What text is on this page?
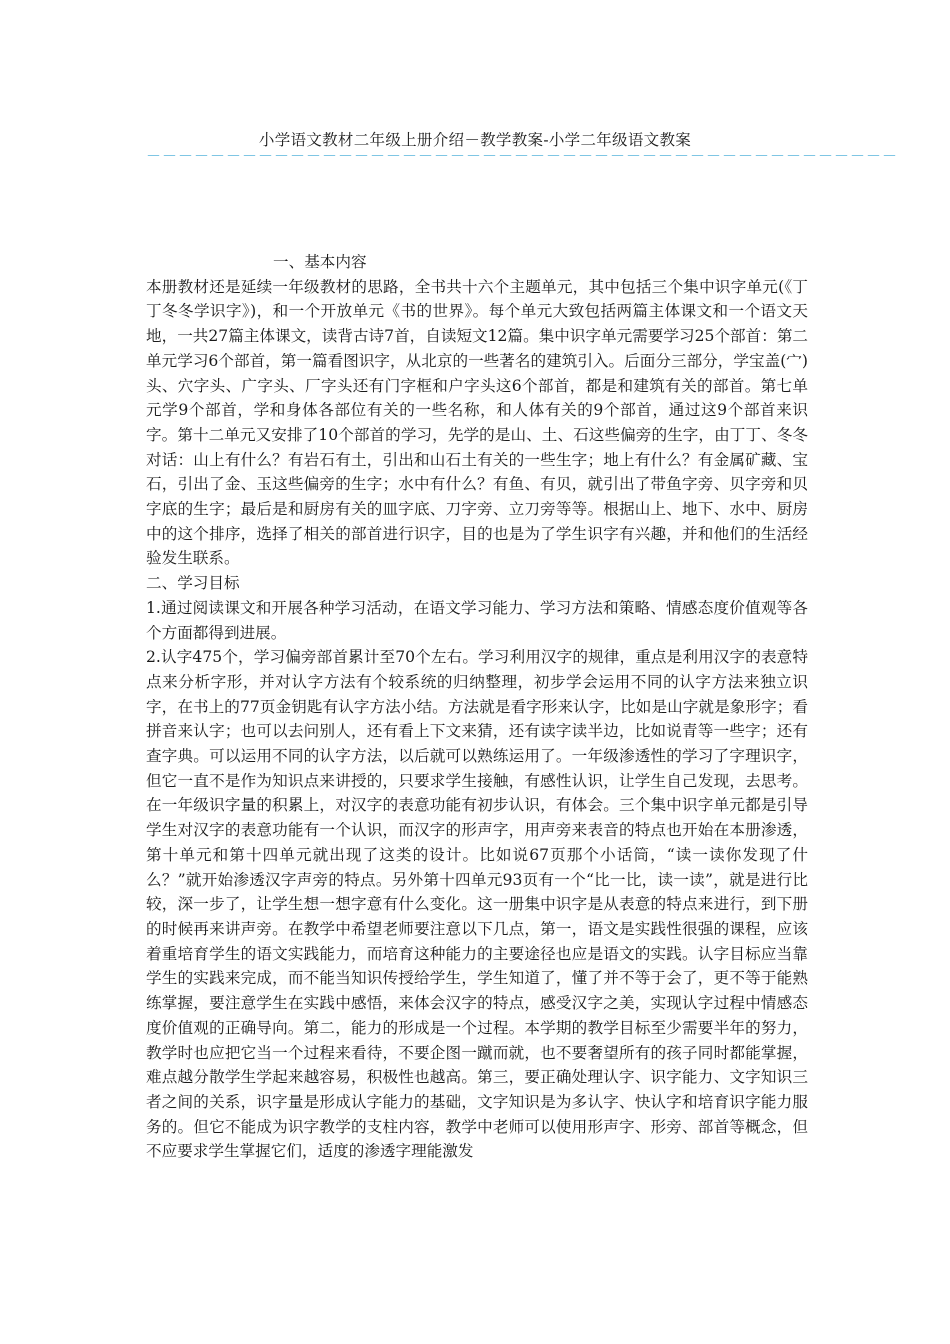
小学语文教材二年级上册介绍－教学教案-小学二年级语文教案
－－－－－－－－－－－－－－－－－－－－－－－－－－－－－－－－－－－－－－－－－－－－－－－

一、基本内容

本册教材还是延续一年级教材的思路，全书共十六个主题单元，其中包括三个集中识字单元(《丁丁冬冬学识字》)，和一个开放单元《书的世界》。每个单元大致包括两篇主体课文和一个语文天地，一共27篇主体课文，读背古诗7首，自读短文12篇。集中识字单元需要学习25个部首：第二单元学习6个部首，第一篇看图识字，从北京的一些著名的建筑引入。后面分三部分，学宝盖(宀)头、穴字头、广字头、厂字头还有门字框和户字头这6个部首，都是和建筑有关的部首。第七单元学9个部首，学和身体各部位有关的一些名称，和人体有关的9个部首，通过这9个部首来识字。第十二单元又安排了10个部首的学习，先学的是山、土、石这些偏旁的生字，由丁丁、冬冬对话：山上有什么？有岩石有土，引出和山石土有关的一些生字；地上有什么？有金属矿藏、宝石，引出了金、玉这些偏旁的生字；水中有什么？有鱼、有贝，就引出了带鱼字旁、贝字旁和贝字底的生字；最后是和厨房有关的皿字底、刀字旁、立刀旁等等。根据山上、地下、水中、厨房中的这个排序，选择了相关的部首进行识字，目的也是为了学生识字有兴趣，并和他们的生活经验发生联系。

二、学习目标

1.通过阅读课文和开展各种学习活动，在语文学习能力、学习方法和策略、情感态度价值观等各个方面都得到进展。

2.认字475个，学习偏旁部首累计至70个左右。学习利用汉字的规律，重点是利用汉字的表意特点来分析字形，并对认字方法有个较系统的归纳整理，初步学会运用不同的认字方法来独立识字，在书上的77页金钥匙有认字方法小结。方法就是看字形来认字，比如是山字就是象形字；看拼音来认字；也可以去问别人，还有看上下文来猜，还有读字读半边，比如说青等一些字；还有查字典。可以运用不同的认字方法，以后就可以熟练运用了。一年级渗透性的学习了字理识字，但它一直不是作为知识点来讲授的，只要求学生接触，有感性认识，让学生自己发现，去思考。在一年级识字量的积累上，对汉字的表意功能有初步认识，有体会。三个集中识字单元都是引导学生对汉字的表意功能有一个认识，而汉字的形声字，用声旁来表音的特点也开始在本册渗透，第十单元和第十四单元就出现了这类的设计。比如说67页那个小话筒，“读一读你发现了什么？”就开始渗透汉字声旁的特点。另外第十四单元93页有一个“比一比，读一读”，就是进行比较，深一步了，让学生想一想字意有什么变化。这一册集中识字是从表意的特点来进行，到下册的时候再来讲声旁。在教学中希望老师要注意以下几点，第一，语文是实践性很强的课程，应该着重培育学生的语文实践能力，而培育这种能力的主要途径也应是语文的实践。认字目标应当靠学生的实践来完成，而不能当知识传授给学生，学生知道了，懂了并不等于会了，更不等于能熟练掌握，要注意学生在实践中感悟，来体会汉字的特点，感受汉字之美，实现认字过程中情感态度价值观的正确导向。第二，能力的形成是一个过程。本学期的教学目标至少需要半年的努力，教学时也应把它当一个过程来看待，不要企图一蹴而就，也不要奢望所有的孩子同时都能掌握，难点越分散学生学起来越容易，积极性也越高。第三，要正确处理认字、识字能力、文字知识三者之间的关系，识字量是形成认字能力的基础，文字知识是为多认字、快认字和培育识字能力服务的。但它不能成为识字教学的支柱内容，教学中老师可以使用形声字、形旁、部首等概念，但不应要求学生掌握它们，适度的渗透字理能激发
